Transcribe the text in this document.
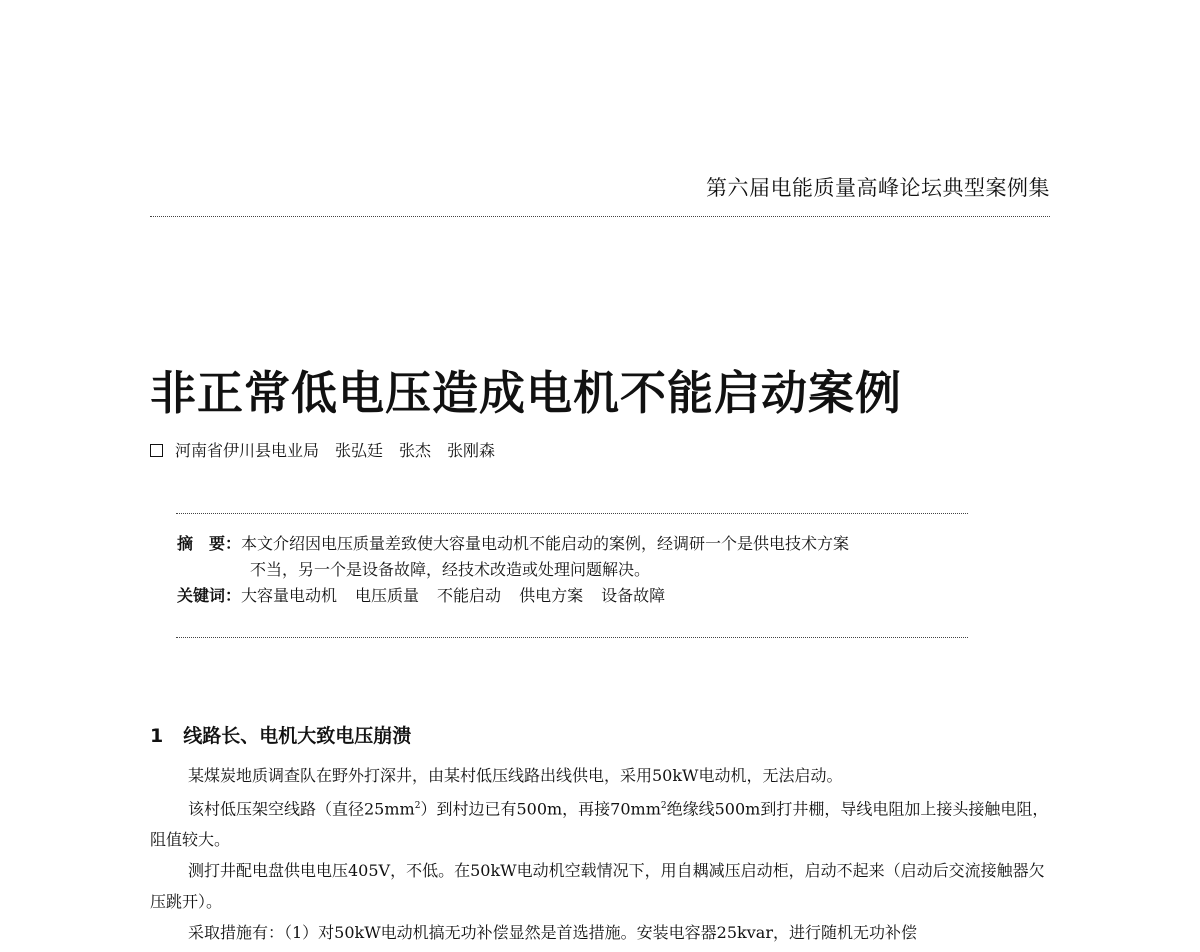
第六届电能质量高峰论坛典型案例集
非正常低电压造成电机不能启动案例
河南省伊川县电业局 张弘廷 张杰 张刚森
摘　要：本文介绍因电压质量差致使大容量电动机不能启动的案例，经调研一个是供电技术方案
不当，另一个是设备故障，经技术改造或处理问题解决。
关键词：大容量电动机 电压质量 不能启动 供电方案 设备故障
1 线路长、电机大致电压崩溃

某煤炭地质调查队在野外打深井，由某村低压线路出线供电，采用50kW电动机，无法启动。

该村低压架空线路（直径$25mm^2$）到村边已有500m，再接$70mm^2$绝缘线500m到打井棚，导线电阻加上接头接触电阻，阻值较大。

测打井配电盘供电电压405V，不低。在50kW电动机空载情况下，用自耦减压启动柜，启动不起来（启动后交流接触器欠压跳开）。

采取措施有：（1）对50kW电动机搞无功补偿显然是首选措施。安装电容器25kvar，进行随机无功补偿
